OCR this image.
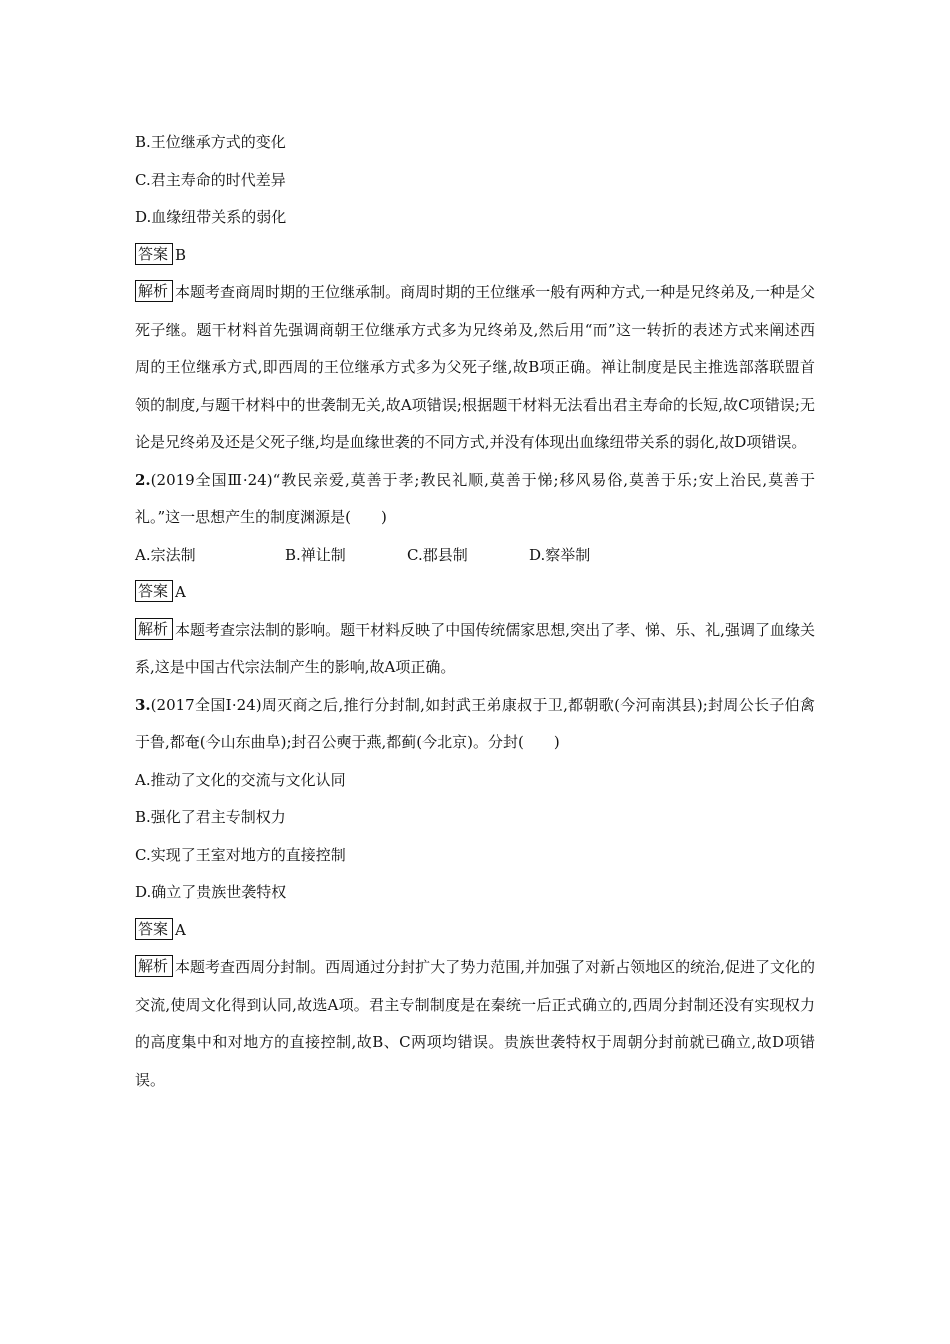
B.王位继承方式的变化

C.君主寿命的时代差异

D.血缘纽带关系的弱化

答案 B

解析 本题考查商周时期的王位继承制。商周时期的王位继承一般有两种方式,一种是兄终弟及,一种是父死子继。题干材料首先强调商朝王位继承方式多为兄终弟及,然后用“而”这一转折的表述方式来阐述西周的王位继承方式,即西周的王位继承方式多为父死子继,故B项正确。禅让制度是民主推选部落联盟首领的制度,与题干材料中的世袭制无关,故A项错误;根据题干材料无法看出君主寿命的长短,故C项错误;无论是兄终弟及还是父死子继,均是血缘世袭的不同方式,并没有体现出血缘纽带关系的弱化,故D项错误。

2.(2019全国Ⅲ·24)“教民亲爱,莫善于孝;教民礼顺,莫善于悌;移风易俗,莫善于乐;安上治民,莫善于礼。”这一思想产生的制度渊源是(　　)

A.宗法制	B.禅让制	C.郡县制	D.察举制

答案 A

解析 本题考查宗法制的影响。题干材料反映了中国传统儒家思想,突出了孝、悌、乐、礼,强调了血缘关系,这是中国古代宗法制产生的影响,故A项正确。

3.(2017全国Ⅰ·24)周灭商之后,推行分封制,如封武王弟康叔于卫,都朝歌(今河南淇县);封周公长子伯禽于鲁,都奄(今山东曲阜);封召公奭于燕,都蓟(今北京)。分封(　　)

A.推动了文化的交流与文化认同

B.强化了君主专制权力

C.实现了王室对地方的直接控制

D.确立了贵族世袭特权

答案 A

解析 本题考查西周分封制。西周通过分封扩大了势力范围,并加强了对新占领地区的统治,促进了文化的交流,使周文化得到认同,故选A项。君主专制制度是在秦统一后正式确立的,西周分封制还没有实现权力的高度集中和对地方的直接控制,故B、C两项均错误。贵族世袭特权于周朝分封前就已确立,故D项错误。
